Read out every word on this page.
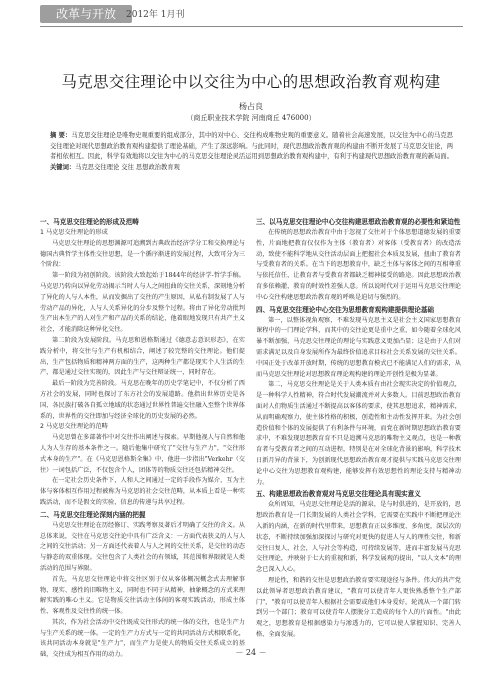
改革与开放	2012年 1月刊
马克思交往理论中以交往为中心的思想政治教育观构建
杨占良
（商丘职业技术学院 河南商丘 476000）
摘 要：马克思交往理论是唯物史观重要的组成部分，其中的对中心、交往构成唯物史观的重要意义。随着社会高速发展，以交往为中心的马克思交往理论对现代思想政治教育观构建提供了理论基础，产生了深远影响。与此同时，现代思想政治教育观的构建由不断开发展了马克思交往论，两者相依相互。因此，科学有效地将以交往为中心的马克思交往理论灵活运用到思想政治教育观构建中，有利于构建现代思想政治教育观的新局面。
关键词：马克思交往理论 交往 思想政治教育观
一、马克思交往理论的形成及范畴
1 马克思交往理论的形成

马克思交往理论的思想渊源可追溯到古典政治经济学分工和交换理论与德国古典哲学主体性交往思想，是一个循序渐进的发展过程，大致可分为三个阶段：

第一阶段为初创阶段。该阶段大致起始于1844年的经济学-哲学手稿。马克思乃转向以异化劳动揭示当时人与人之间扭曲的交往关系，深刻地分析了异化的人与人本性，从而发掘出了交往的产生原因，从私有制发展了人与劳动产品的异化，人与人关系异化的分步及整个过程。将由了异化劳动批判生产出本生产的人对生产和产品的关系的结论，他着眼地发现只有共产主义社会，才能消除这种异化交往。

第二阶段为发展阶段。马克思和恩格斯通过《德意志意识形态》，在实践分析中，将交往与生产有机相结合，阐述了较完整的交往理论。他们提出，生产包括物质和精神两方面的生产，这两种生产都是现实个人生活的生产，都是通过交往实现的，因此生产与交往辩证统一，同时存在。

最后一阶段为完善阶段。马克思在晚年的历史学笔记中，不仅分析了西方社会的发展，同时也探讨了东方社会的发展道路。他指出世界历史是各国、各民族打破各自孤立地域的状态通过世界性普遍交往融入至整个世界体系的，世界性的交往即加与经济全球化的历史发展的必然。

2 马克思交往理论的范畴

马克思曾在多部著作中对交往作出阐述与探索。早期他视人与自然和他人为人生存的基本条件之一。随后他集中研究了"交往与生产力"，"交往形式本身的生产"。在《马克思恩格斯全集》中，他进一步指出"Verkehr（交往）一词包括广泛，不仅包含个人，团体等的物质交往还包括精神交往。

在一定社会历史条件下，人和人之间通过一定的手段作为媒介，互为主体与客体相互作用过程被称为马克思的社会交往范畴，从本质上看是一种实践活动，而不是假文的实验，信息的传递与共享过程。

二、马克思交往理论深刻内涵的把握

马克思交往理论在历经修订、实践考察及著后才明确了交往的含义。从总体来说，交往在马克思交往论中具有广泛含义：一方面代表狭义的人与人之间的交往活动；另一方面还代表着人与人之间的交往关系，是交往的动态与静态的双重体现。交往包含了人类社会的有领域，其范围和界限就是人类活动的范围与界限。

首先，马克思交往理论中将交往区别于仅从客体概况概念式去理解事物、现实、感性的旧唯物主义，同时也不同于从精神，抽象概念的方式来理解实践的唯心主义。它是物质交往活动主体间的客观实践活动，形成主体性、客观性及交往性的统一体。

其次，作为社会活动中交往既成交往形式的统一体的交往，也是生产力与生产关系的统一体。一定的生产力方式与一定的共同活动方式相联系化，该共同活动本身就是"生产力"，而生产力是使人的物质交往关系成立的基础，交往成为相互作用的动力。

三、以马克思交往理论中心交往构建思想政治教育观的必要性和紧迫性

在传统的思想政治教育中由于忽视了交往对于个体思想道德发展的重要性，片面地把教育仅仅作为主体（教育者）对客体（受教育者）的改造活动，致使不能科学地从交往活动层面上把握社会本质及发展，扭曲了教育者与受教育者的关系。在当下的思想教育中，缺乏主体与客体之间的互相尊重与依托信任，让教育者与受教育者都缺乏精神接受的路途。因此思想政治教育多依赖灌，教育的时效性差强人意。所以说时代对于运用马克思交往理论中心交往构建思想政治教育观的呼唤是迫切与强烈的。

四、马克思交往理论中心交往为思想教育观构建提供理论基础

第一，以整体视角观察，不难发现马克思主义是社会主义国家思想教育课程中的一门理论学科，而其中的交往论更是重中之重，如今随着全球化风暴不断加强，马克思交往理论的理论与实践意义更加凸显；这是由于人们对需求满足以及自身发展所作为最终价值追求目标社会关系发展的交往关系。中国正处于改革开放时期，传统的思想教育模式已不能满足人们的需求，从而马克思交往理论对思想教育理论观构建的理论开创性是极为显著。

第二，马克思交往理论是关于人类本质有由社会现实决定的价值观点，是一种科学人性精神，符合时代发展潮流并对大多数人。目前思想政治教育面对人们物质生活通过不断提高以客体的要求，使其思想追求，精神需求，从而明确观察力，使主体性格的积极，创造性和主动性发挥开来。为社会创造价值和个体的发展提供了有利条件与环境，而党在新时期思想政治教育要求中，不难发现思想教育育不只是追溯马克思的唯物主义观点，也是一种教育者与受教育者之间的互动进程，特别是在对全球化背景的影响，科学技术日新月异的背景下，为创新现代思想政治教育观才提供与实践马克思交往理论中心交往为思想教育观构建，能够发挥有效思想性的理论支持与精神动力。

五、构建思想政治教育观对马克思交往理论具有现实意义

众所周知，马克思交往理论是活的源泉，是与时俱进的，是开放的，思想政治教育是一门长期发展的人类社会学科，它需要在实践中不断把理论注入新的内涵，在新的时代里带来，思想教育正以多维度、多角度，深层次的状态，不断持续加强加深探讨与研究对更快的促进人与人的理性交往，和新交往日复人，社会，人与社会等构造，可持续发展等，进而丰富发展马克思交往理论，并映射于七大的重视和新，科学发展观的提出，"以人文本"的理念已深入人心。

理论性，和谐的交往是思想政治教育要实现途径与条件。伟大的共产党以此领导者思想政治教育建议，"教育可以使青年人更快熟悉整个生产部门"，"教育可以使青年人根据社会需要或他们本身爱好，轮流从一个部门转到另一个部门；教育可以使青年人摆脱分工造成的每个人的片面性。"由此观之，思想教育是根据感染力与渗透力的，它可以使人掌握知识、完善人格、全面发展。

－ 24 －
